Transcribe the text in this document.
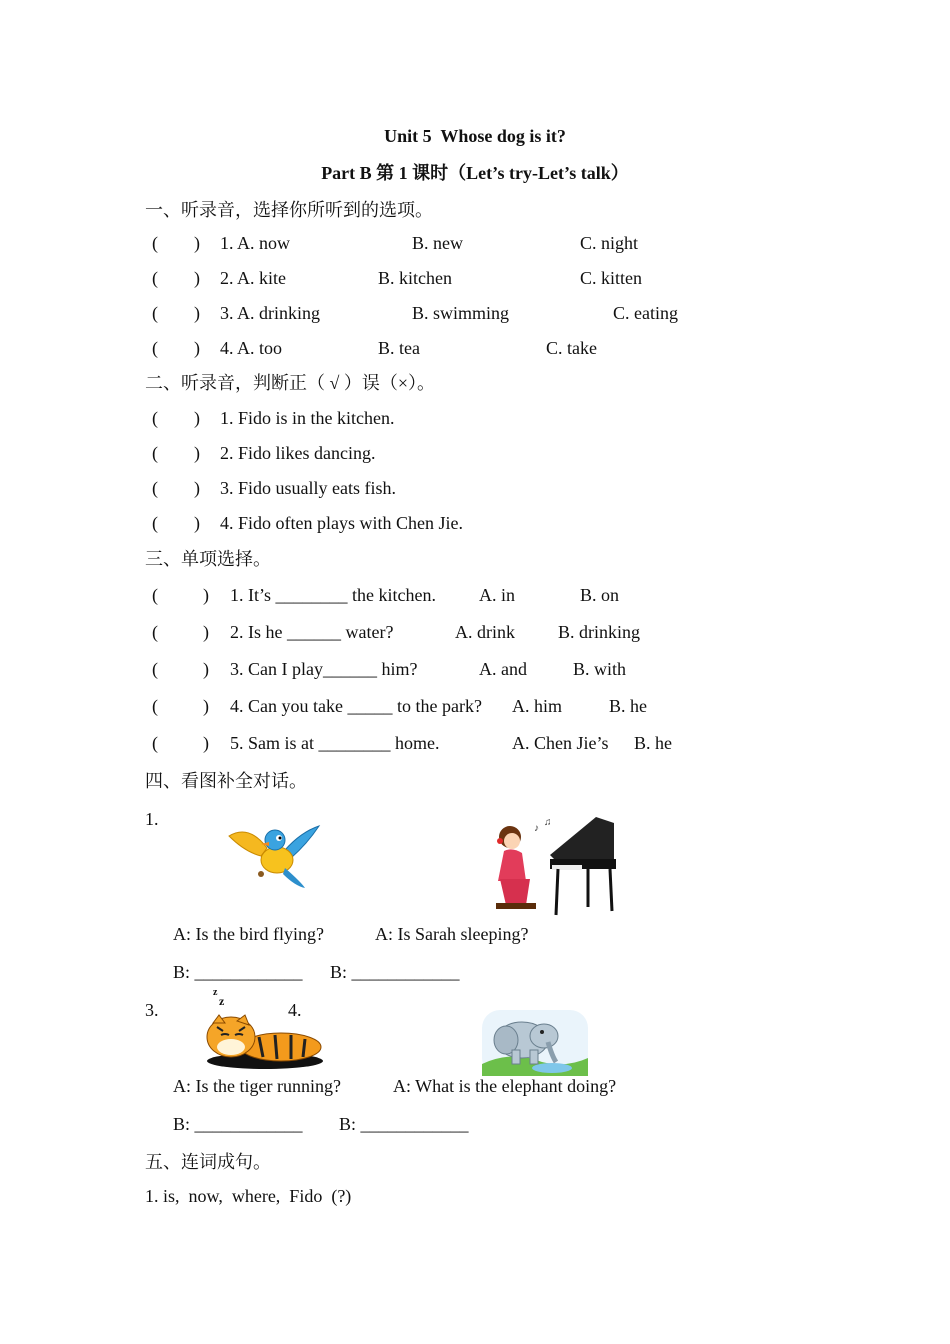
Unit 5  Whose dog is it?
Part B 第 1 课时（Let’s try-Let’s talk）
一、听录音，选择你所听到的选项。
(        ) 1. A. now	B. new	C. night
(        ) 2. A. kite	B. kitchen	C. kitten
(        ) 3. A. drinking	B. swimming	C. eating
(        ) 4. A. too	B. tea	C. take
二、听录音，判断正（ √ ）误（×）。
(        ) 1. Fido is in the kitchen.
(        ) 2. Fido likes dancing.
(        ) 3. Fido usually eats fish.
(        ) 4. Fido often plays with Chen Jie.
三、单项选择。
(          ) 1. It’s ________ the kitchen. A. in	B. on
(          ) 2. Is he ______ water?	A. drink B. drinking
(          ) 3. Can I play______ him?	A. and	B. with
(          ) 4. Can you take _____ to the park? A. him	B. he
(          ) 5. Sam is at ________ home.	A. Chen Jie’s B. he
四、看图补全对话。
1.	♪
♫
A: Is the bird flying?	A: Is Sarah sleeping?
B: ____________ B: ____________
3.	4.
z
z
A: Is the tiger running?	A: What is the elephant doing?
B: ____________ B: ____________
五、连词成句。
1. is,  now,  where,  Fido  (?)
